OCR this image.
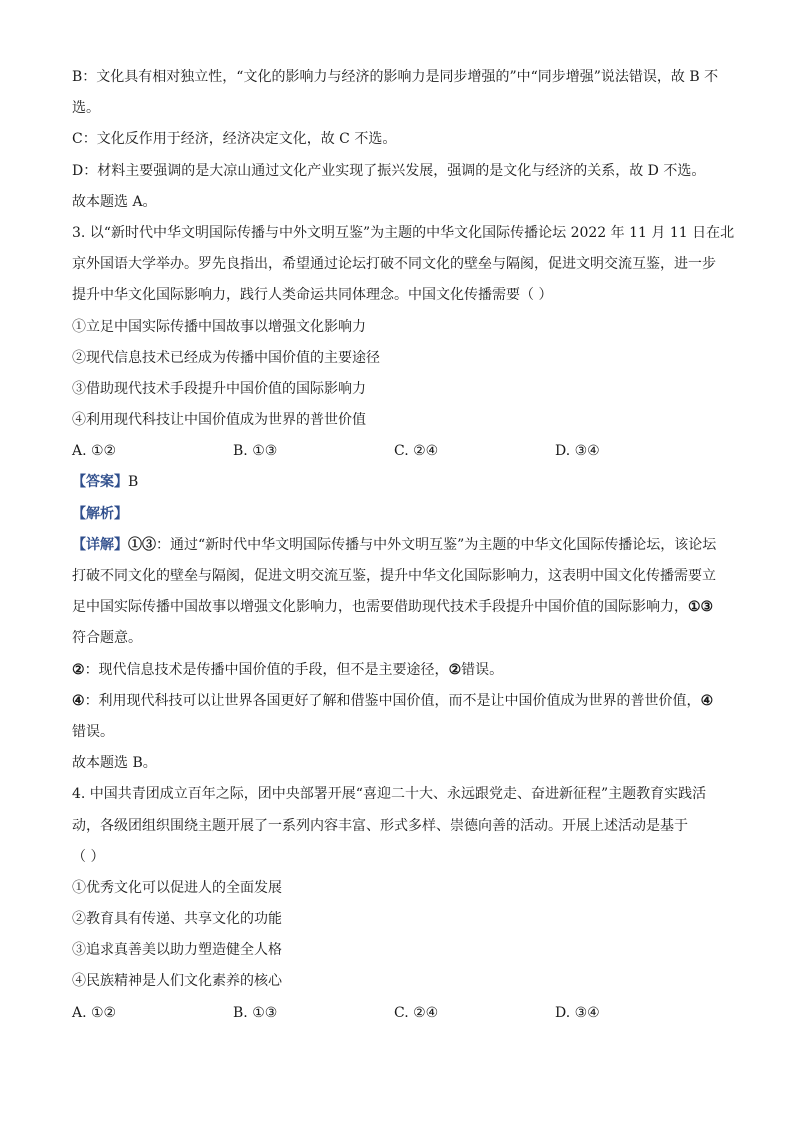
B：文化具有相对独立性，“文化的影响力与经济的影响力是同步增强的”中“同步增强”说法错误，故 B 不

选。

C：文化反作用于经济，经济决定文化，故 C 不选。

D：材料主要强调的是大凉山通过文化产业实现了振兴发展，强调的是文化与经济的关系，故 D 不选。

故本题选 A。

3. 以“新时代中华文明国际传播与中外文明互鉴”为主题的中华文化国际传播论坛 2022 年 11 月 11 日在北

京外国语大学举办。罗先良指出，希望通过论坛打破不同文化的壁垒与隔阂，促进文明交流互鉴，进一步

提升中华文化国际影响力，践行人类命运共同体理念。中国文化传播需要（ ）

①立足中国实际传播中国故事以增强文化影响力

②现代信息技术已经成为传播中国价值的主要途径

③借助现代技术手段提升中国价值的国际影响力

④利用现代科技让中国价值成为世界的普世价值

A. ①②	B. ①③	C. ②④	D. ③④

【答案】B

【解析】

【详解】①③：通过“新时代中华文明国际传播与中外文明互鉴”为主题的中华文化国际传播论坛，该论坛

打破不同文化的壁垒与隔阂，促进文明交流互鉴，提升中华文化国际影响力，这表明中国文化传播需要立

足中国实际传播中国故事以增强文化影响力，也需要借助现代技术手段提升中国价值的国际影响力，①③

符合题意。

②：现代信息技术是传播中国价值的手段，但不是主要途径，②错误。

④：利用现代科技可以让世界各国更好了解和借鉴中国价值，而不是让中国价值成为世界的普世价值，④

错误。

故本题选 B。

4. 中国共青团成立百年之际，团中央部署开展“喜迎二十大、永远跟党走、奋进新征程”主题教育实践活

动，各级团组织围绕主题开展了一系列内容丰富、形式多样、崇德向善的活动。开展上述活动是基于

（ ）

①优秀文化可以促进人的全面发展

②教育具有传递、共享文化的功能

③追求真善美以助力塑造健全人格

④民族精神是人们文化素养的核心

A. ①②	B. ①③	C. ②④	D. ③④
